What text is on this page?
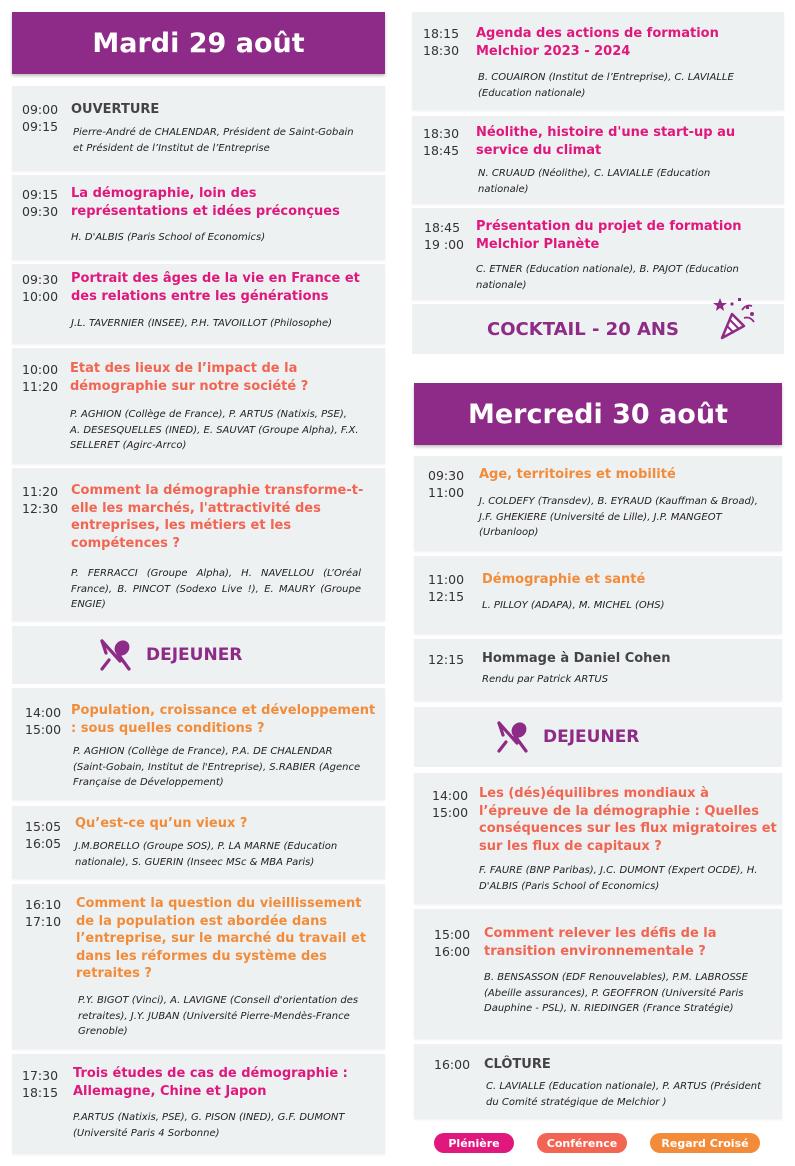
Mardi 29 août
09:00
09:15
OUVERTURE
Pierre-André de CHALENDAR, Président de Saint-Gobain et Président de l’Institut de l’Entreprise
09:15
09:30
La démographie, loin des représentations et idées préconçues
H. D'ALBIS (Paris School of Economics)
09:30
10:00
Portrait des âges de la vie en France et des relations entre les générations
J.L. TAVERNIER (INSEE), P.H. TAVOILLOT (Philosophe)
10:00
11:20
Etat des lieux de l’impact de la démographie sur notre société ?
P. AGHION (Collège de France), P. ARTUS (Natixis, PSE), A. DESESQUELLES (INED), E. SAUVAT (Groupe Alpha), F.X. SELLERET (Agirc-Arrco)
11:20
12:30
Comment la démographie transforme-t-elle les marchés, l'attractivité des entreprises, les métiers et les compétences ?
P. FERRACCI (Groupe Alpha), H. NAVELLOU (L’Oréal France), B. PINCOT (Sodexo Live !), E. MAURY (Groupe ENGIE)
DEJEUNER
14:00
15:00
Population, croissance et développement : sous quelles conditions ?
P. AGHION (Collège de France), P.A. DE CHALENDAR (Saint-Gobain, Institut de l'Entreprise), S.RABIER (Agence Française de Développement)
15:05
16:05
Qu’est-ce qu’un vieux ?
J.M.BORELLO (Groupe SOS), P. LA MARNE (Education nationale), S. GUERIN (Inseec MSc & MBA Paris)
16:10
17:10
Comment la question du vieillissement de la population est abordée dans l’entreprise, sur le marché du travail et dans les réformes du système des retraites ?
P.Y. BIGOT (Vinci), A. LAVIGNE (Conseil d'orientation des retraites), J.Y. JUBAN (Université Pierre-Mendès-France Grenoble)
17:30
18:15
Trois études de cas de démographie : Allemagne, Chine et Japon
P.ARTUS (Natixis, PSE), G. PISON (INED), G.F. DUMONT (Université Paris 4 Sorbonne)
18:15
18:30
Agenda des actions de formation Melchior 2023 - 2024
B. COUAIRON (Institut de l’Entreprise), C. LAVIALLE (Education nationale)
18:30
18:45
Néolithe, histoire d'une start-up au service du climat
N. CRUAUD (Néolithe), C. LAVIALLE (Education nationale)
18:45
19 :00
Présentation du projet de formation Melchior Planète
C. ETNER (Education nationale), B. PAJOT (Education nationale)
COCKTAIL - 20 ANS
Mercredi 30 août
09:30
11:00
Age, territoires et mobilité
J. COLDEFY (Transdev), B. EYRAUD (Kauffman & Broad), J.F. GHEKIERE (Université de Lille), J.P. MANGEOT (Urbanloop)
11:00
12:15
Démographie et santé
L. PILLOY (ADAPA), M. MICHEL (OHS)
12:15 Hommage à Daniel Cohen
Rendu par Patrick ARTUS
DEJEUNER
14:00
15:00
Les (dés)équilibres mondiaux à l’épreuve de la démographie : Quelles conséquences sur les flux migratoires et sur les flux de capitaux ?
F. FAURE (BNP Paribas), J.C. DUMONT (Expert OCDE), H. D'ALBIS (Paris School of Economics)
15:00
16:00
Comment relever les défis de la transition environnementale ?
B. BENSASSON (EDF Renouvelables), P.M. LABROSSE (Abeille assurances), P. GEOFFRON (Université Paris Dauphine - PSL), N. RIEDINGER (France Stratégie)
16:00 CLÔTURE
C. LAVIALLE (Education nationale), P. ARTUS (Président du Comité stratégique de Melchior )
Plénière	Conférence	Regard Croisé
